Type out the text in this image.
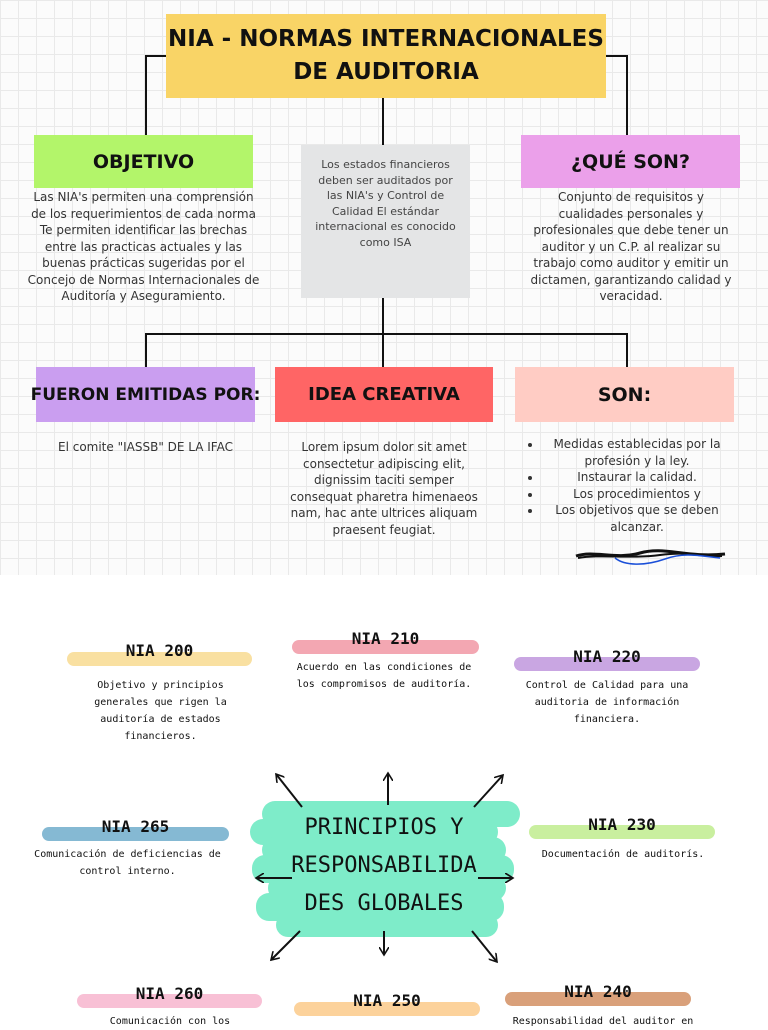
NIA - NORMAS INTERNACIONALES
DE AUDITORIA
Los estados financieros deben ser auditados por las NIA's y Control de Calidad El estándar internacional es conocido como ISA
OBJETIVO
Las NIA's permiten una comprensión de los requerimientos de cada norma Te permiten identificar las brechas entre las practicas actuales y las buenas prácticas sugeridas por el Concejo de Normas Internacionales de Auditoría y Aseguramiento.
¿QUÉ SON?
Conjunto de requisitos y cualidades personales y profesionales que debe tener un auditor y un C.P. al realizar su trabajo como auditor y emitir un dictamen, garantizando calidad y veracidad.
FUERON EMITIDAS POR:
El comite "IASSB" DE LA IFAC
IDEA CREATIVA
Lorem ipsum dolor sit amet consectetur adipiscing elit, dignissim taciti semper consequat pharetra himenaeos nam, hac ante ultrices aliquam praesent feugiat.
SON:
• Medidas establecidas por la profesión y la ley.
• Instaurar la calidad.
• Los procedimientos y
• Los objetivos que se deben alcanzar.
PRINCIPIOS Y
RESPONSABILIDA
DES GLOBALES
NIA 200
Objetivo y principios generales que rigen la auditoría de estados financieros.
NIA 210
Acuerdo en las condiciones de los compromisos de auditoría.
NIA 220
Control de Calidad para una auditoria de información financiera.
NIA 265
Comunicación de deficiencias de control interno.
NIA 230
Documentación de auditorís.
NIA 260
Comunicación con los
NIA 250	NIA 240
Responsabilidad del auditor en
